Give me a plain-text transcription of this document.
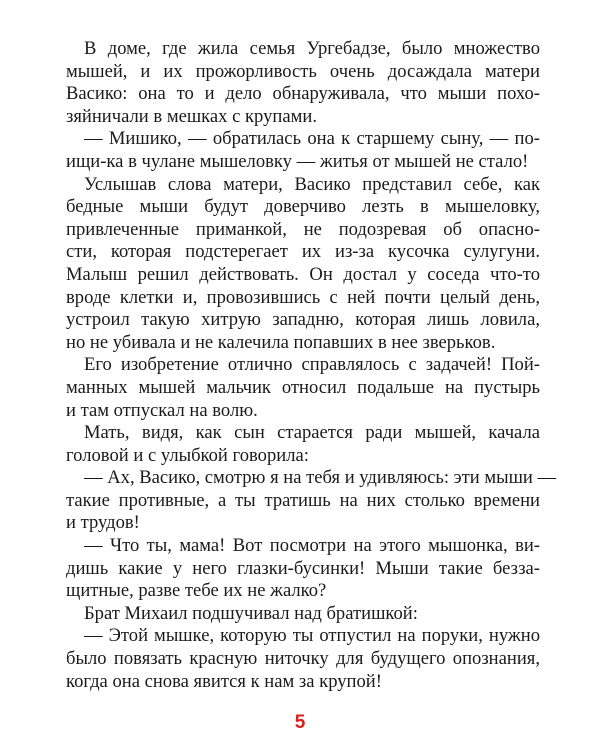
В доме, где жила семья Ургебадзе, было множество
мышей, и их прожорливость очень досаждала матери
Васико: она то и дело обнаруживала, что мыши похо-
зяйничали в мешках с крупами.
— Мишико, — обратилась она к старшему сыну, — по-
ищи-ка в чулане мышеловку — житья от мышей не стало!
Услышав слова матери, Васико представил себе, как
бедные мыши будут доверчиво лезть в мышеловку,
привлеченные приманкой, не подозревая об опасно-
сти, которая подстерегает их из-за кусочка сулугуни.
Малыш решил действовать. Он достал у соседа что-то
вроде клетки и, провозившись с ней почти целый день,
устроил такую хитрую западню, которая лишь ловила,
но не убивала и не калечила попавших в нее зверьков.
Его изобретение отлично справлялось с задачей! Пой-
манных мышей мальчик относил подальше на пустырь
и там отпускал на волю.
Мать, видя, как сын старается ради мышей, качала
головой и с улыбкой говорила:
— Ах, Васико, смотрю я на тебя и удивляюсь: эти мыши —
такие противные, а ты тратишь на них столько времени
и трудов!
— Что ты, мама! Вот посмотри на этого мышонка, ви-
дишь какие у него глазки-бусинки! Мыши такие безза-
щитные, разве тебе их не жалко?
Брат Михаил подшучивал над братишкой:
— Этой мышке, которую ты отпустил на поруки, нужно
было повязать красную ниточку для будущего опознания,
когда она снова явится к нам за крупой!
5
